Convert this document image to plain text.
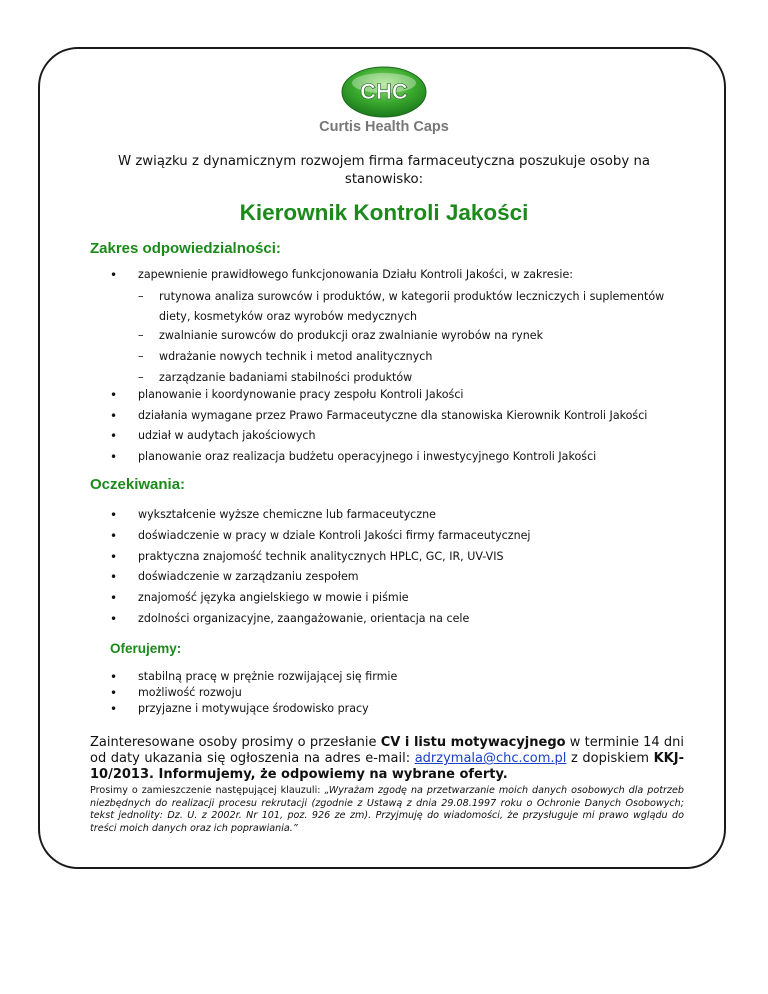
CHC
Curtis Health Caps
W związku z dynamicznym rozwojem firma farmaceutyczna poszukuje osoby na stanowisko:
Kierownik Kontroli Jakości
Zakres odpowiedzialności:
• zapewnienie prawidłowego funkcjonowania Działu Kontroli Jakości, w zakresie:
– rutynowa analiza surowców i produktów, w kategorii produktów leczniczych i suplementów
diety, kosmetyków oraz wyrobów medycznych
– zwalnianie surowców do produkcji oraz zwalnianie wyrobów na rynek
– wdrażanie nowych technik i metod analitycznych
– zarządzanie badaniami stabilności produktów
• planowanie i koordynowanie pracy zespołu Kontroli Jakości
• działania wymagane przez Prawo Farmaceutyczne dla stanowiska Kierownik Kontroli Jakości
• udział w audytach jakościowych
• planowanie oraz realizacja budżetu operacyjnego i inwestycyjnego Kontroli Jakości
Oczekiwania:
• wykształcenie wyższe chemiczne lub farmaceutyczne
• doświadczenie w pracy w dziale Kontroli Jakości firmy farmaceutycznej
• praktyczna znajomość technik analitycznych HPLC, GC, IR, UV-VIS
• doświadczenie w zarządzaniu zespołem
• znajomość języka angielskiego w mowie i piśmie
• zdolności organizacyjne, zaangażowanie, orientacja na cele
Oferujemy:
• stabilną pracę w prężnie rozwijającej się firmie
• możliwość rozwoju
• przyjazne i motywujące środowisko pracy
Zainteresowane osoby prosimy o przesłanie CV i listu motywacyjnego w terminie 14 dni od daty ukazania się ogłoszenia na adres e-mail: adrzymala@chc.com.pl z dopiskiem KKJ-10/2013. Informujemy, że odpowiemy na wybrane oferty.
Prosimy o zamieszczenie następującej klauzuli: „Wyrażam zgodę na przetwarzanie moich danych osobowych dla potrzeb niezbędnych do realizacji procesu rekrutacji (zgodnie z Ustawą z dnia 29.08.1997 roku o Ochronie Danych Osobowych; tekst jednolity: Dz. U. z 2002r. Nr 101, poz. 926 ze zm). Przyjmuję do wiadomości, że przysługuje mi prawo wglądu do treści moich danych oraz ich poprawiania.”
